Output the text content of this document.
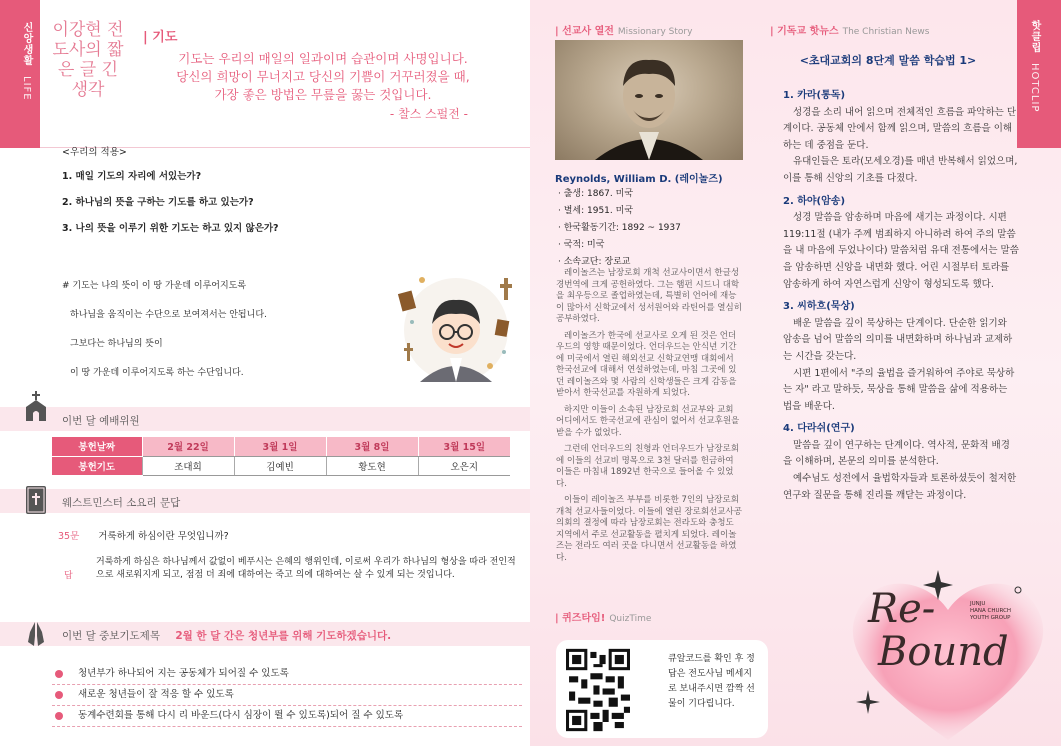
신앙생활 LIFE
이강현 전도사의 짧은 글 긴 생각
| 기도
기도는 우리의 매일의 일과이며 습관이며 사명입니다.
당신의 희망이 무너지고 당신의 기쁨이 거꾸러졌을 때,
가장 좋은 방법은 무릎을 꿇는 것입니다.
- 찰스 스펄전 -
<우리의 적용>
1. 매일 기도의 자리에 서있는가?
2. 하나님의 뜻을 구하는 기도를 하고 있는가?
3. 나의 뜻을 이루기 위한 기도는 하고 있지 않은가?
# 기도는 나의 뜻이 이 땅 가운데 이루어지도록
하나님을 움직이는 수단으로 보여져서는 안됩니다.
그보다는 하나님의 뜻이
이 땅 가운데 이루어지도록 하는 수단입니다.
이번 달 예배위원
봉헌날짜	2월 22일	3월 1일	3월 8일	3월 15일
봉헌기도	조대희	김예빈	황도현	오은지
웨스트민스터 소요리 문답
35문 거룩하게 하심이란 무엇입니까?
답
거룩하게 하심은 하나님께서 값없이 베푸시는 은혜의 행위인데, 이로써 우리가 하나님의 형상을 따라 전인적으로 새로워지게 되고, 점점 더 죄에 대하여는 죽고 의에 대하여는 살 수 있게 되는 것입니다.
이번 달 중보기도제목 2월 한 달 간은 청년부를 위해 기도하겠습니다.
청년부가 하나되어 지는 공동체가 되어질 수 있도록
새로운 청년들이 잘 적응 할 수 있도록
동계수련회를 통해 다시 리 바운드(다시 심장이 뛸 수 있도록)되어 질 수 있도록
핫클립 HOTCLIP
| 선교사 열전 Missionary Story
Reynolds, William D. (레이놀즈)
· 출생: 1867. 미국
· 별세: 1951. 미국
· 한국활동기간: 1892 ~ 1937
· 국적: 미국
· 소속교단: 장로교

레이놀즈는 남장로회 개척 선교사이면서 한글성경번역에 크게 공헌하였다. 그는 햄펀 시드니 대학을 최우등으로 졸업하였는데, 특별히 언어에 재능이 많아서 신학교에서 성서원어와 라틴어를 열심히 공부하였다.

레이놀즈가 한국에 선교사로 오게 된 것은 언더우드의 영향 때문이었다. 언더우드는 안식년 기간에 미국에서 열린 해외선교 신학교연맹 대회에서 한국선교에 대해서 연설하였는데, 마침 그곳에 있던 레이놀즈와 몇 사람의 신학생들은 크게 감동을 받아서 한국선교를 자원하게 되었다.

하지만 이들이 소속된 남장로회 선교부와 교회 어디에서도 한국선교에 관심이 없어서 선교후원을 받을 수가 없었다.

그런데 언더우드의 친형과 언더우드가 남장로회에 이들의 선교비 명목으로 3천 달러를 헌금하여 이들은 마침내 1892년 한국으로 들어올 수 있었다.

이들이 레이놀즈 부부를 비롯한 7인의 남장로회 개척 선교사들이었다. 이들에 열린 장로회선교사공의회의 결정에 따라 남장로회는 전라도와 충청도 지역에서 주로 선교활동을 펼치게 되었다. 레이놀즈는 전라도 여러 곳을 다니면서 선교활동을 하였다.

| 퀴즈타임! QuizTime
큐알코드를 확인 후 정답은 전도사님 메세지로 보내주시면 깜짝 선물이 기다립니다.
| 기독교 핫뉴스 The Christian News
<초대교회의 8단계 말씀 학습법 1>
1. 카라(통독)

성경을 소리 내어 읽으며 전체적인 흐름을 파악하는 단계이다. 공동체 안에서 함께 읽으며, 말씀의 흐름을 이해하는 데 중점을 둔다.

유대인들은 토라(모세오경)를 매년 반복해서 읽었으며, 이를 통해 신앙의 기초를 다졌다.

2. 하야(암송)

성경 말씀을 암송하며 마음에 새기는 과정이다. 시편 119:11절 (내가 주께 범죄하지 아니하려 하여 주의 말씀을 내 마음에 두었나이다) 말씀처럼 유대 전통에서는 말씀을 암송하면 신앙을 내면화 했다. 어린 시절부터 토라를 암송하게 하여 자연스럽게 신앙이 형성되도록 했다.

3. 씨하흐(묵상)

배운 말씀을 깊이 묵상하는 단계이다. 단순한 읽기와 암송을 넘어 말씀의 의미를 내면화하며 하나님과 교제하는 시간을 갖는다.

시편 1편에서 "주의 율법을 즐거워하여 주야로 묵상하는 자" 라고 말하듯, 묵상을 통해 말씀을 삶에 적용하는 법을 배운다.

4. 다라쉬(연구)

말씀을 깊이 연구하는 단계이다. 역사적, 문화적 배경을 이해하며, 본문의 의미를 분석한다.

예수님도 성전에서 율법학자들과 토론하셨듯이 철저한 연구와 질문을 통해 진리를 깨닫는 과정이다.

Re-
Bound
JUNJU
HANA CHURCH
YOUTH GROUP
